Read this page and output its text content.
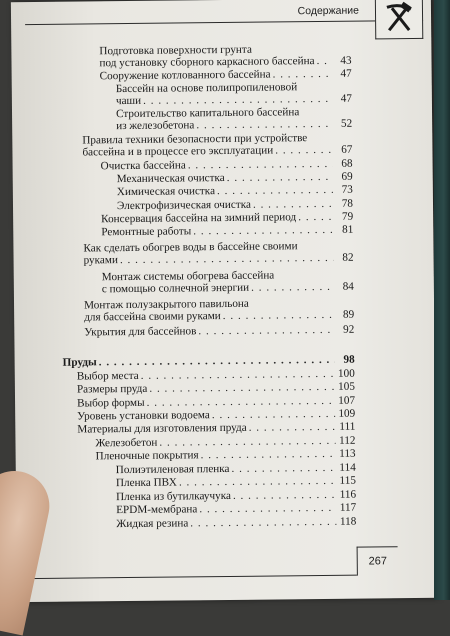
Содержание
Подготовка поверхности грунта
под установку сборного каркасного бассейна . . .	43
Сооружение котлованного бассейна . . .	47
Бассейн на основе полипропиленовой
чаши . . .	47
Строительство капитального бассейна
из железобетона . . .	52
Правила техники безопасности при устройстве
бассейна и в процессе его эксплуатации . . .	67
Очистка бассейна . . .	68
Механическая очистка . . .	69
Химическая очистка . . .	73
Электрофизическая очистка . . .	78
Консервация бассейна на зимний период . . .	79
Ремонтные работы . . .	81
Как сделать обогрев воды в бассейне своими
руками . . .	82
Монтаж системы обогрева бассейна
с помощью солнечной энергии . . .	84
Монтаж полузакрытого павильона
для бассейна своими руками . . .	89
Укрытия для бассейнов . . .	92
Пруды . . .	98
Выбор места . . .	100
Размеры пруда . . .	105
Выбор формы . . .	107
Уровень установки водоема . . .	109
Материалы для изготовления пруда . . .	111
Железобетон . . .	112
Пленочные покрытия . . .	113
Полиэтиленовая пленка . . .	114
Пленка ПВХ . . .	115
Пленка из бутилкаучука . . .	116
EPDM-мембрана . . .	117
Жидкая резина . . .	118
267
